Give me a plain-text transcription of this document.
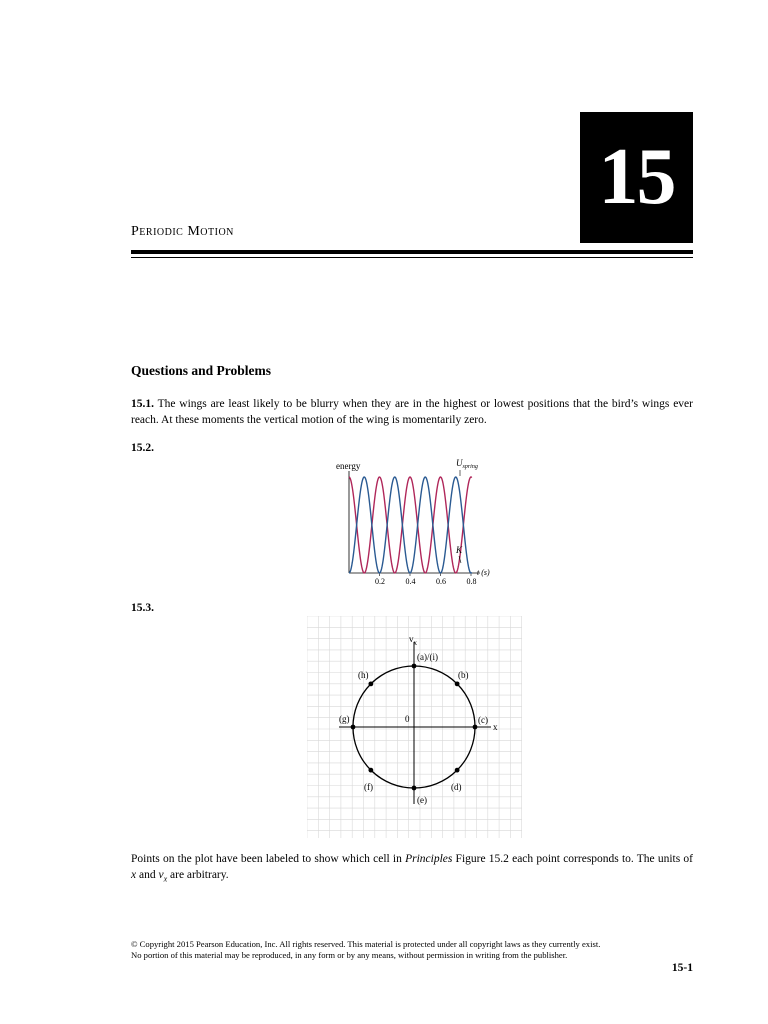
15
Periodic Motion
Questions and Problems
15.1. The wings are least likely to be blurry when they are in the highest or lowest positions that the bird’s wings ever reach. At these moments the vertical motion of the wing is momentarily zero.
15.2.
energy	$U_{spring}$
0.2	0.4	0.6	0.8
K
t (s)
15.3.
$v_x$
x
0
(a)/(i)
(b)
(c)
(d)
(e)
(f)
(g)
(h)
Points on the plot have been labeled to show which cell in Principles Figure 15.2 each point corresponds to. The units of x and $v_x$ are arbitrary.
© Copyright 2015 Pearson Education, Inc. All rights reserved. This material is protected under all copyright laws as they currently exist.
No portion of this material may be reproduced, in any form or by any means, without permission in writing from the publisher.
15-1
